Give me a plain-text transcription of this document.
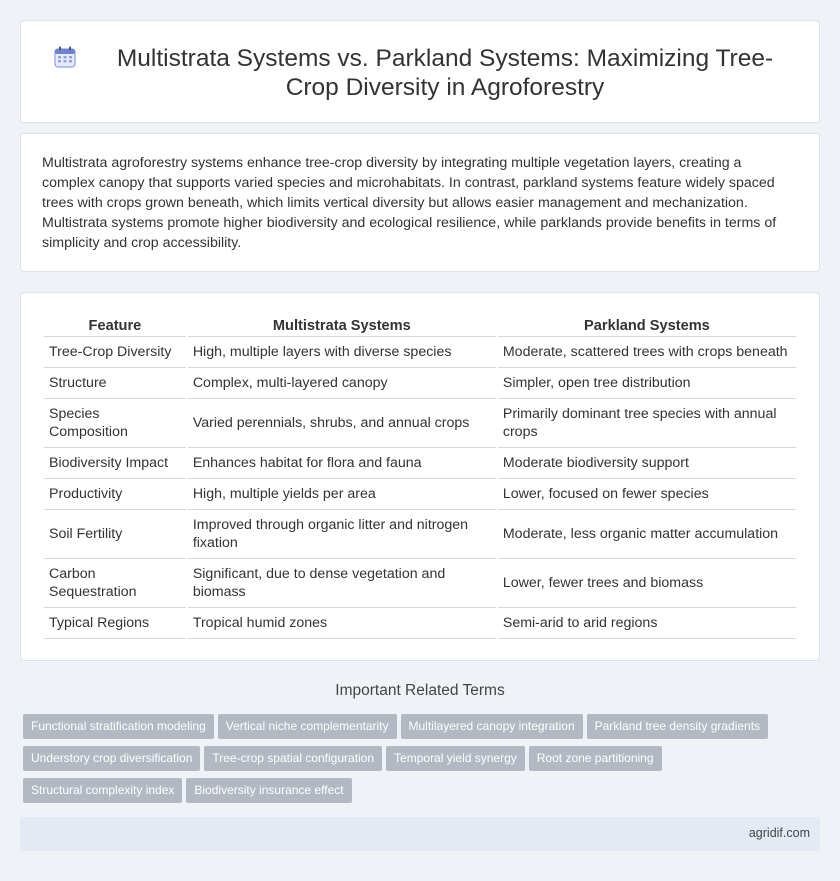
Multistrata Systems vs. Parkland Systems: Maximizing Tree-Crop Diversity in Agroforestry

Multistrata agroforestry systems enhance tree-crop diversity by integrating multiple vegetation layers, creating a complex canopy that supports varied species and microhabitats. In contrast, parkland systems feature widely spaced trees with crops grown beneath, which limits vertical diversity but allows easier management and mechanization. Multistrata systems promote higher biodiversity and ecological resilience, while parklands provide benefits in terms of simplicity and crop accessibility.

Feature	Multistrata Systems	Parkland Systems
Tree-Crop Diversity	High, multiple layers with diverse species	Moderate, scattered trees with crops beneath
Structure	Complex, multi-layered canopy	Simpler, open tree distribution
Species Composition	Varied perennials, shrubs, and annual crops	Primarily dominant tree species with annual crops
Biodiversity Impact	Enhances habitat for flora and fauna	Moderate biodiversity support
Productivity	High, multiple yields per area	Lower, focused on fewer species
Soil Fertility	Improved through organic litter and nitrogen fixation	Moderate, less organic matter accumulation
Carbon Sequestration	Significant, due to dense vegetation and biomass	Lower, fewer trees and biomass
Typical Regions	Tropical humid zones	Semi-arid to arid regions
Important Related Terms
Functional stratification modeling Vertical niche complementarity Multilayered canopy integration Parkland tree density gradientsUnderstory crop diversification Tree-crop spatial configuration Temporal yield synergy Root zone partitioningStructural complexity index Biodiversity insurance effect
agridif.com
